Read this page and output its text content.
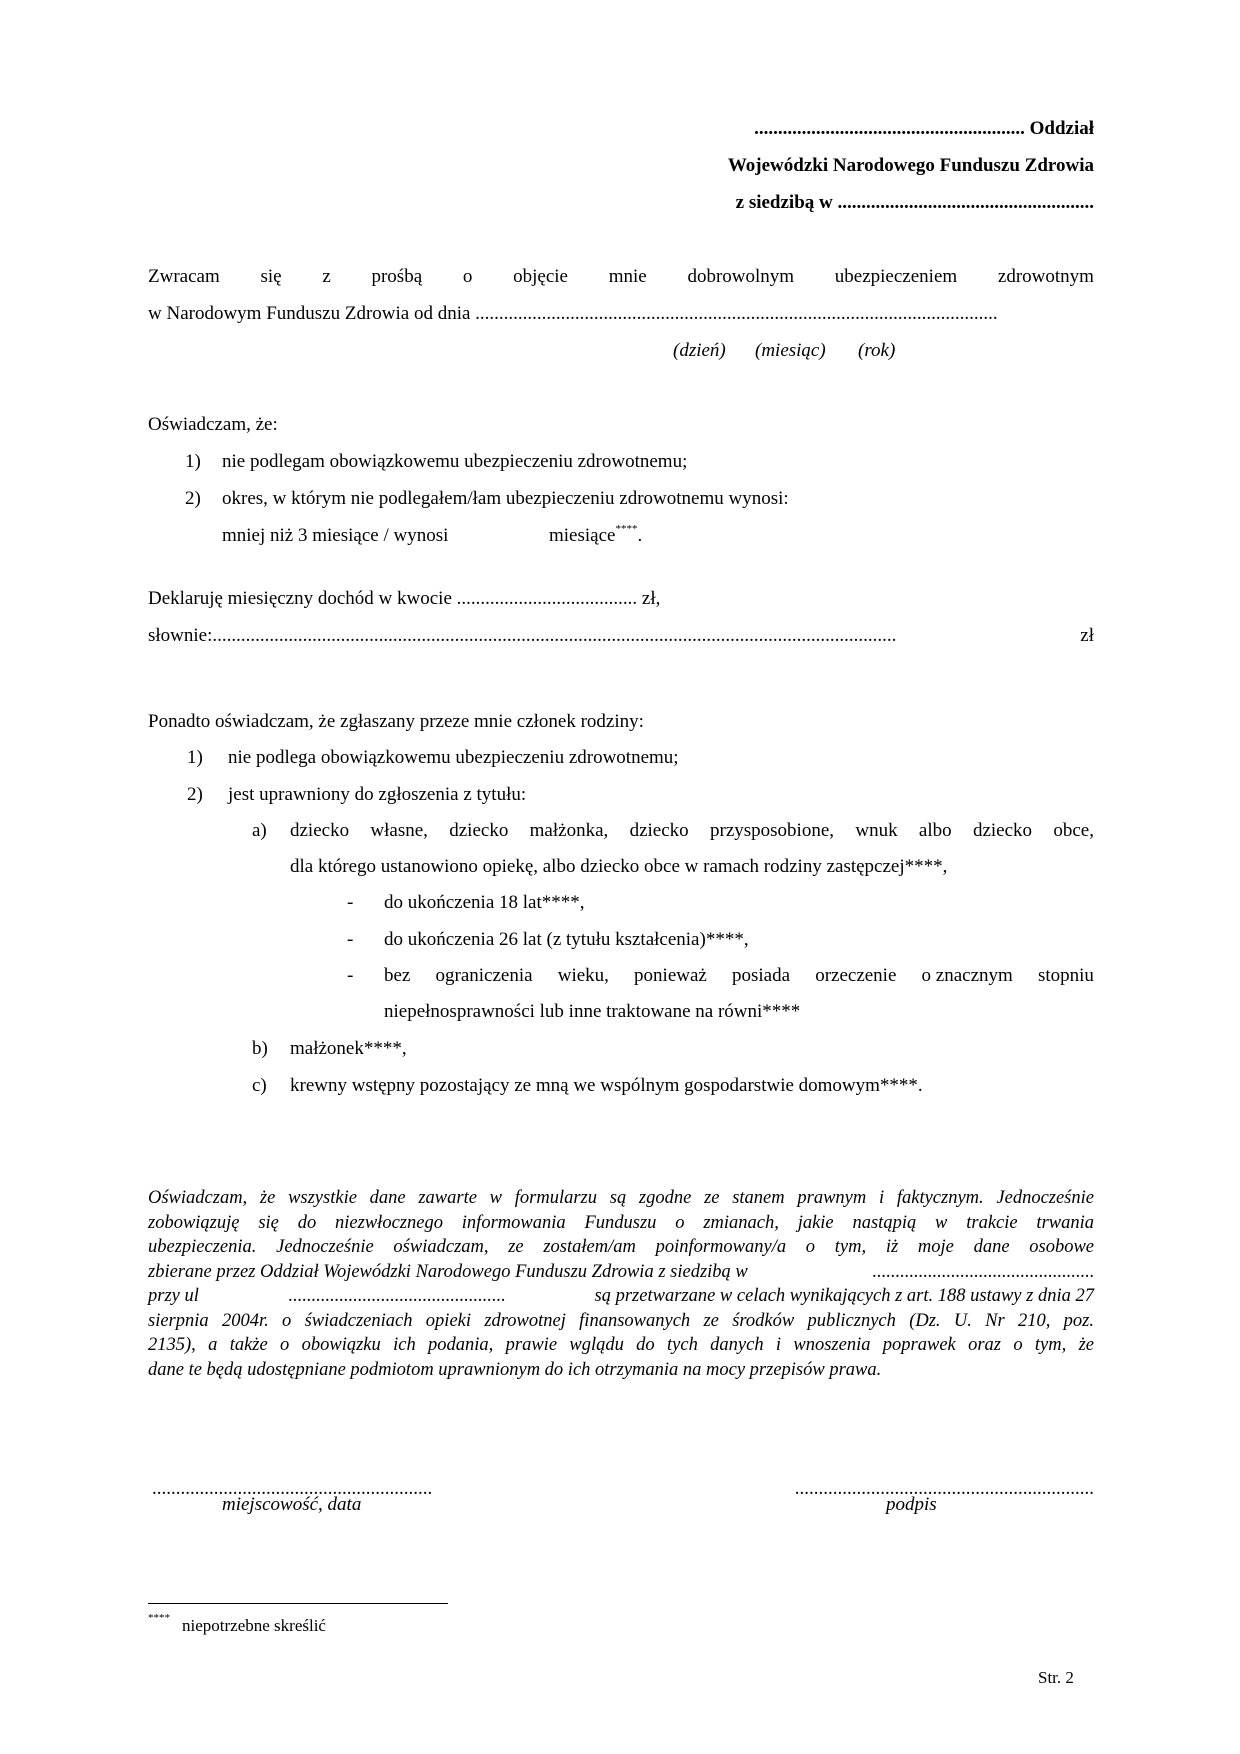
......................................................... Oddział
Wojewódzki Narodowego Funduszu Zdrowia
z siedzibą w ......................................................
Zwracam się z prośbą o objęcie mnie dobrowolnym ubezpieczeniem zdrowotnym
w Narodowym Funduszu Zdrowia od dnia ..............................................................................................................
(dzień) (miesiąc) (rok)
Oświadczam, że:
1) nie podlegam obowiązkowemu ubezpieczeniu zdrowotnemu;
2) okres, w którym nie podlegałem/łam ubezpieczeniu zdrowotnemu wynosi:
mniej niż 3 miesiące / wynosi	miesiące****.
Deklaruję miesięczny dochód w kwocie ...................................... zł,
słownie: ................................................................................................................................................	zł
Ponadto oświadczam, że zgłaszany przeze mnie członek rodziny:
1) nie podlega obowiązkowemu ubezpieczeniu zdrowotnemu;
2) jest uprawniony do zgłoszenia z tytułu:
a) dziecko własne, dziecko małżonka, dziecko przysposobione, wnuk albo dziecko obce,
dla którego ustanowiono opiekę, albo dziecko obce w ramach rodziny zastępczej****,
- do ukończenia 18 lat****,
- do ukończenia 26 lat (z tytułu kształcenia)****,
- bez ograniczenia wieku, ponieważ posiada orzeczenie o znacznym stopniu
niepełnosprawności lub inne traktowane na równi****
b) małżonek****,
c) krewny wstępny pozostający ze mną we wspólnym gospodarstwie domowym****.
Oświadczam, że wszystkie dane zawarte w formularzu są zgodne ze stanem prawnym i faktycznym. Jednocześnie
zobowiązuję się do niezwłocznego informowania Funduszu o zmianach, jakie nastąpią w trakcie trwania
ubezpieczenia. Jednocześnie oświadczam, ze zostałem/am poinformowany/a o tym, iż moje dane osobowe
zbierane przez Oddział Wojewódzki Narodowego Funduszu Zdrowia z siedzibą w	................................................
przy ul	...............................................	są przetwarzane w celach wynikających z art. 188 ustawy z dnia 27
sierpnia 2004r. o świadczeniach opieki zdrowotnej finansowanych ze środków publicznych (Dz. U. Nr 210, poz.
2135), a także o obowiązku ich podania, prawie wglądu do tych danych i wnoszenia poprawek oraz o tym, że
dane te będą udostępniane podmiotom uprawnionym do ich otrzymania na mocy przepisów prawa.
...........................................................
miejscowość, data
...............................................................
podpis
**** niepotrzebne skreślić
Str. 2
